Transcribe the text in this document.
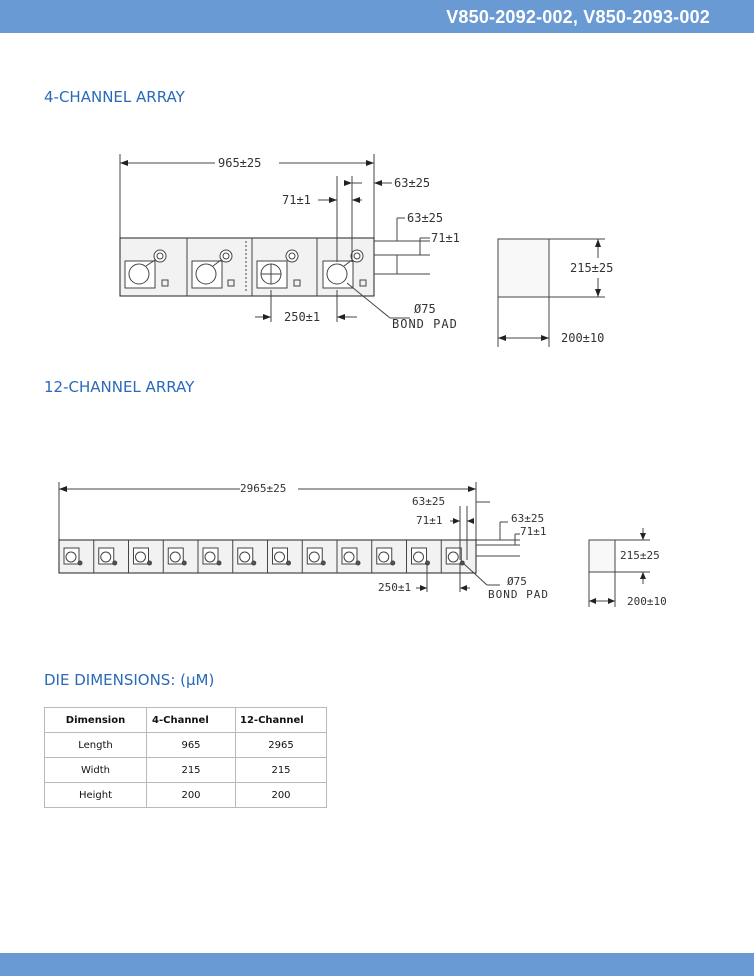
V850-2092-002, V850-2093-002
4-CHANNEL ARRAY
12-CHANNEL ARRAY
DIE DIMENSIONS: (µM)
965±25
63±25
71±1
63±25
71±1
250±1
Ø75
BOND PAD
215±25
200±10
2965±25
63±25
71±1	63±25
71±1
250±1	Ø75
BOND PAD
215±25
200±10
Dimension	4-Channel	12-Channel
Length	965	2965
Width	215	215
Height	200	200
